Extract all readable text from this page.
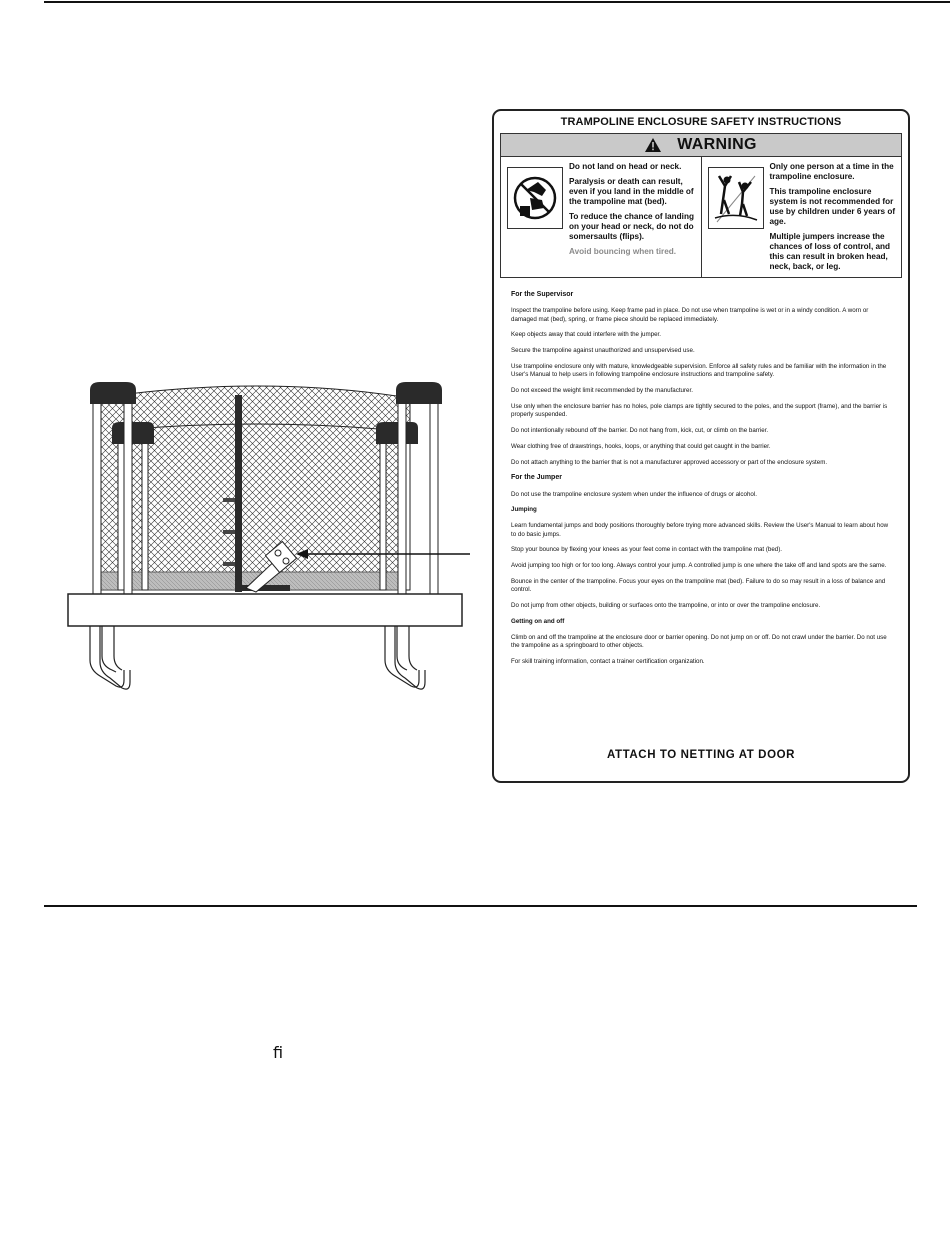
TRAMPOLINE ENCLOSURE SAFETY INSTRUCTIONS
WARNING

Do not land on head or neck.

Paralysis or death can result, even if you land in the middle of the trampoline mat (bed).

To reduce the chance of landing on your head or neck, do not do somersaults (flips).

Avoid bouncing when tired.

Only one person at a time in the trampoline enclosure.

This trampoline enclosure system is not recommended for use by children under 6 years of age.

Multiple jumpers increase the chances of loss of control, and this can result in broken head, neck, back, or leg.

For the Supervisor

Inspect the trampoline before using. Keep frame pad in place. Do not use when trampoline is wet or in a windy condition. A worn or damaged mat (bed), spring, or frame piece should be replaced immediately.

Keep objects away that could interfere with the jumper.

Secure the trampoline against unauthorized and unsupervised use.

Use trampoline enclosure only with mature, knowledgeable supervision. Enforce all safety rules and be familiar with the information in the User's Manual to help users in following trampoline enclosure instructions and trampoline safety.

Do not exceed the weight limit recommended by the manufacturer.

Use only when the enclosure barrier has no holes, pole clamps are tightly secured to the poles, and the support (frame), and the barrier is properly suspended.

Do not intentionally rebound off the barrier. Do not hang from, kick, cut, or climb on the barrier.

Wear clothing free of drawstrings, hooks, loops, or anything that could get caught in the barrier.

Do not attach anything to the barrier that is not a manufacturer approved accessory or part of the enclosure system.

For the Jumper

Do not use the trampoline enclosure system when under the influence of drugs or alcohol.

Jumping

Learn fundamental jumps and body positions thoroughly before trying more advanced skills. Review the User's Manual to learn about how to do basic jumps.

Stop your bounce by flexing your knees as your feet come in contact with the trampoline mat (bed).

Avoid jumping too high or for too long. Always control your jump. A controlled jump is one where the take off and land spots are the same.

Bounce in the center of the trampoline. Focus your eyes on the trampoline mat (bed). Failure to do so may result in a loss of balance and control.

Do not jump from other objects, building or surfaces onto the trampoline, or into or over the trampoline enclosure.

Getting on and off

Climb on and off the trampoline at the enclosure door or barrier opening. Do not jump on or off. Do not crawl under the barrier. Do not use the trampoline as a springboard to other objects.

For skill training information, contact a trainer certification organization.

ATTACH TO NETTING AT DOOR
ﬁ
